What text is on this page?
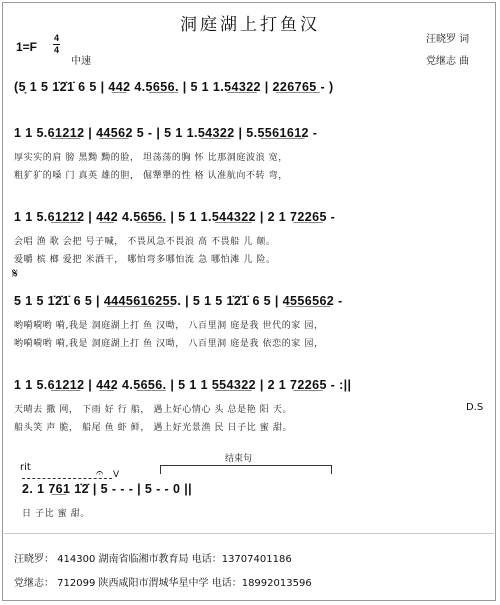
洞庭湖上打鱼汉
汪晓罗 词
党继志 曲
1=F
4
4
中速
(5̣ 1 5 1̇2̇1̇ 6 5 | 4̲4̲2 4.5̲6̲5̲6̲. | 5 1 1.5̲4̲3̲2̲2 | 2̲2̲6̲7̲6̲5̲ - )
1 1 5.6̲1̲2̲1̲2 | 4̲4̲5̲6̲2 5 - | 5 1 1.5̲4̲3̲2̲2 | 5.5̲5̲6̲1̲6̲1̲2 -
厚实实的肩 膀 黑黝 黝的脸， 坦荡荡的胸 怀 比那洞庭波浪 宽，
粗犷犷的嗓 门 真英 雄的胆， 倔犟犟的性 格 认准航向不转 弯，
1 1 5.6̲1̲2̲1̲2 | 4̲4̲2 4.5̲6̲5̲6̲. | 5 1 1.5̲4̲4̲3̲2̲2 | 2 1 7̲2̲2̲6̲5 -
会唱 渔 歌 会把 号子喊， 不畏风急不畏浪 高 不畏船 儿 颠。
爱嚼 槟 榔 爱把 米酒干， 哪怕弯多哪怕流 急 哪怕滩 儿 险。
𝄋
5 1 5 1̇2̇1̇ 6 5 | 4̲4̲4̲5̲6̲1̲6̲2̲5̲5. | 5 1 5 1̇2̇1̇ 6 5 | 4̲5̲5̲6̲5̲6̲2 -
哟嗬嗬哟 嗬,我是 洞庭湖上打 鱼 汉呦， 八百里洞 庭是我 世代的家 园，
哟嗬嗬哟 嗬,我是 洞庭湖上打 鱼 汉呦， 八百里洞 庭是我 依恋的家 园，
1 1 5.6̲1̲2̲1̲2 | 4̲4̲2 4.5̲6̲5̲6̲. | 5 1 1 5̲5̲4̲3̲2̲2 | 2 1 7̲2̲2̲6̲5 - :||
天晴去 撒 网， 下雨 好 行 船， 遇上好心情心 头 总是艳 阳 天。
船头笑 声 脆， 船尾 鱼 虾 鲜， 遇上好光景渔 民 日子比 蜜 甜。
D.S
结束句
rit	𝄐 V
2. 1 7̲6̲1 1̇2̇ | 5 - - - | 5 - - 0 ||
日 子比 蜜 甜。
汪晓罗： 414300 湖南省临湘市教育局 电话：13707401186
党继志： 712099 陕西咸阳市渭城华星中学 电话：18992013596
